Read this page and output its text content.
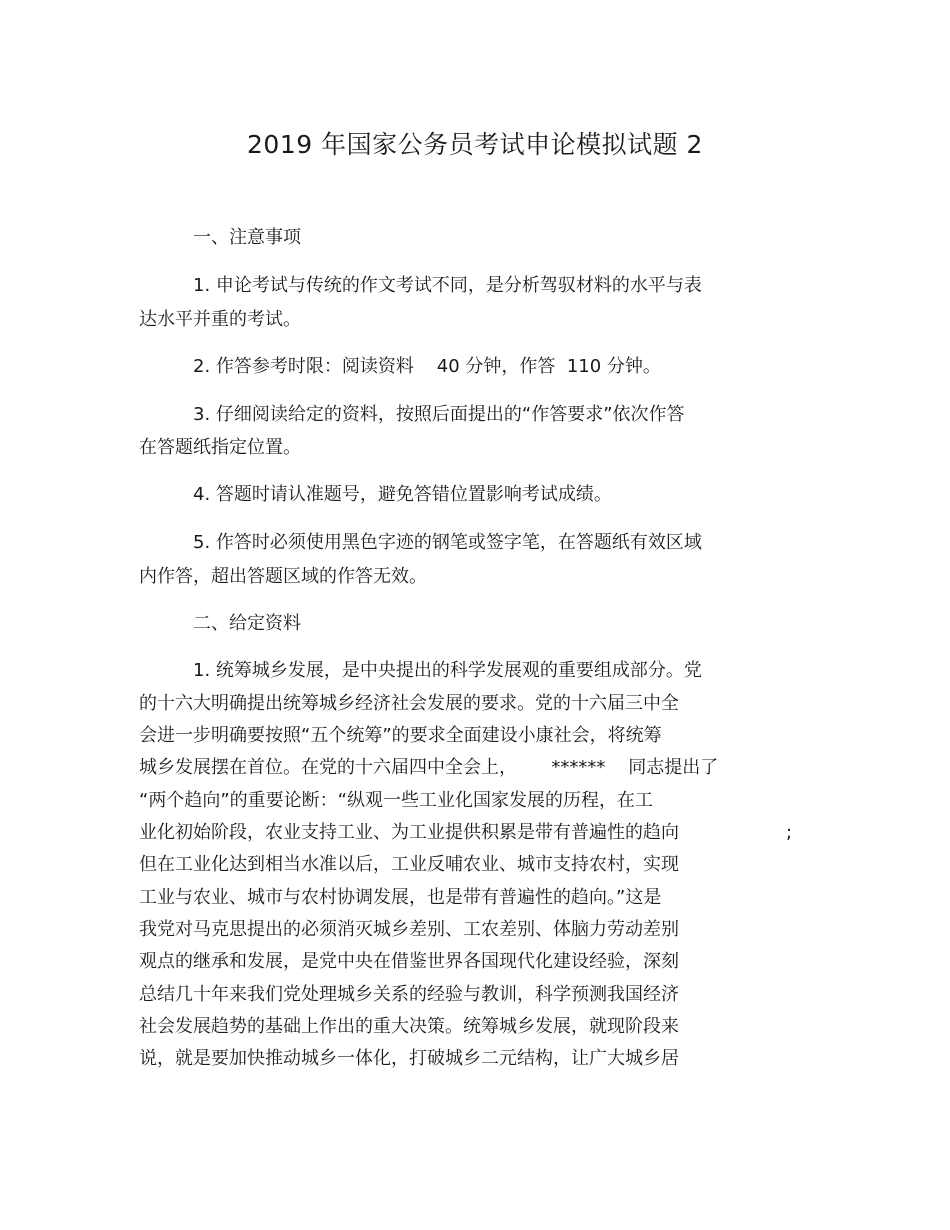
2019 年国家公务员考试申论模拟试题 2
一、注意事项
1. 申论考试与传统的作文考试不同，是分析驾驭材料的水平与表
达水平并重的考试。
2. 作答参考时限：阅读资料    40 分钟，作答  110 分钟。
3. 仔细阅读给定的资料，按照后面提出的“作答要求”依次作答
在答题纸指定位置。
4. 答题时请认准题号，避免答错位置影响考试成绩。
5. 作答时必须使用黑色字迹的钢笔或签字笔，在答题纸有效区域
内作答，超出答题区域的作答无效。
二、给定资料
1. 统筹城乡发展，是中央提出的科学发展观的重要组成部分。党
的十六大明确提出统筹城乡经济社会发展的要求。党的十六届三中全
会进一步明确要按照“五个统筹”的要求全面建设小康社会，将统筹
城乡发展摆在首位。在党的十六届四中全会上，      ******    同志提出了
“两个趋向”的重要论断：“纵观一些工业化国家发展的历程，在工
业化初始阶段，农业支持工业、为工业提供积累是带有普遍性的趋向	;
但在工业化达到相当水准以后，工业反哺农业、城市支持农村，实现
工业与农业、城市与农村协调发展，也是带有普遍性的趋向。”这是
我党对马克思提出的必须消灭城乡差别、工农差别、体脑力劳动差别
观点的继承和发展，是党中央在借鉴世界各国现代化建设经验，深刻
总结几十年来我们党处理城乡关系的经验与教训，科学预测我国经济
社会发展趋势的基础上作出的重大决策。统筹城乡发展，就现阶段来
说，就是要加快推动城乡一体化，打破城乡二元结构，让广大城乡居
